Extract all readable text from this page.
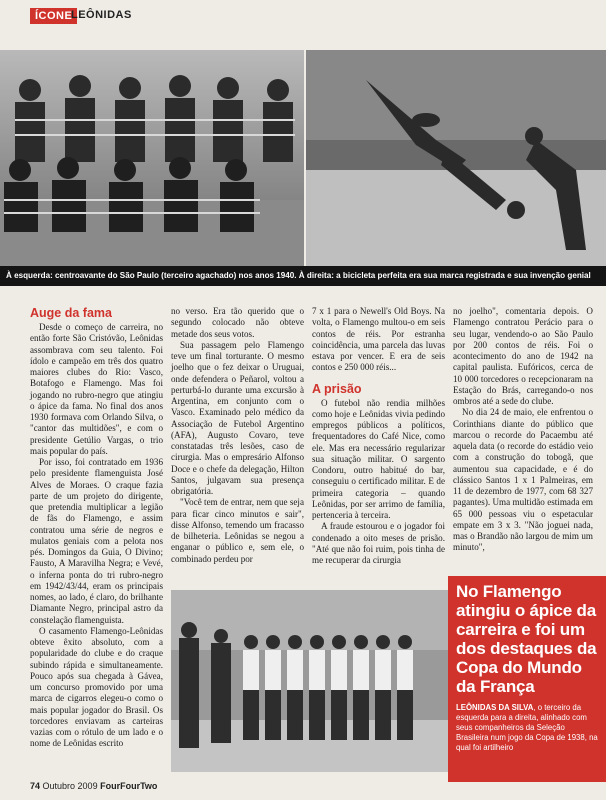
ÍCONE
LEÔNIDAS
À esquerda: centroavante do São Paulo (terceiro agachado) nos anos 1940. À direita: a bicicleta perfeita era sua marca registrada e sua invenção genial
Auge da fama

Desde o começo de carreira, no então forte São Cristóvão, Leônidas assombrava com seu talento. Foi ídolo e campeão em três dos quatro maiores clubes do Rio: Vasco, Botafogo e Flamengo. Mas foi jogando no rubro-negro que atingiu o ápice da fama. No final dos anos 1930 formava com Orlando Silva, o "cantor das multidões", e com o presidente Getúlio Vargas, o trio mais popular do país.

Por isso, foi contratado em 1936 pelo presidente flamenguista José Alves de Moraes. O craque fazia parte de um projeto do dirigente, que pretendia multiplicar a legião de fãs do Flamengo, e assim contratou uma série de negros e mulatos geniais com a pelota nos pés. Domingos da Guia, O Divino; Fausto, A Maravilha Negra; e Vevé, o inferna ponta do tri rubro-negro em 1942/43/44, eram os principais nomes, ao lado, é claro, do brilhante Diamante Negro, principal astro da constelação flamenguista.

O casamento Flamengo-Leônidas obteve êxito absoluto, com a popularidade do clube e do craque subindo rápida e simultaneamente. Pouco após sua chegada à Gávea, um concurso promovido por uma marca de cigarros elegeu-o como o mais popular jogador do Brasil. Os torcedores enviavam as carteiras vazias com o rótulo de um lado e o nome de Leônidas escrito

no verso. Era tão querido que o segundo colocado não obteve metade dos seus votos.

Sua passagem pelo Flamengo teve um final torturante. O mesmo joelho que o fez deixar o Uruguai, onde defendera o Peñarol, voltou a perturbá-lo durante uma excursão à Argentina, em conjunto com o Vasco. Examinado pelo médico da Associação de Futebol Argentino (AFA), Augusto Covaro, teve constatadas três lesões, caso de cirurgia. Mas o empresário Alfonso Doce e o chefe da delegação, Hilton Santos, julgavam sua presença obrigatória.

"Você tem de entrar, nem que seja para ficar cinco minutos e sair", disse Alfonso, temendo um fracasso de bilheteria. Leônidas se negou a enganar o público e, sem ele, o combinado perdeu por

7 x 1 para o Newell's Old Boys. Na volta, o Flamengo multou-o em seis contos de réis. Por estranha coincidência, uma parcela das luvas estava por vencer. E era de seis contos e 250 000 réis...

A prisão

O futebol não rendia milhões como hoje e Leônidas vivia pedindo empregos públicos a políticos, frequentadores do Café Nice, como ele. Mas era necessário regularizar sua situação militar. O sargento Condoru, outro habitué do bar, conseguiu o certificado militar. E de primeira categoria – quando Leônidas, por ser arrimo de família, pertenceria à terceira.

A fraude estourou e o jogador foi condenado a oito meses de prisão. "Até que não foi ruim, pois tinha de me recuperar da cirurgia

no joelho", comentaria depois. O Flamengo contratou Perácio para o seu lugar, vendendo-o ao São Paulo por 200 contos de réis. Foi o acontecimento do ano de 1942 na capital paulista. Eufóricos, cerca de 10 000 torcedores o recepcionaram na Estação do Brás, carregando-o nos ombros até a sede do clube.

No dia 24 de maio, ele enfrentou o Corinthians diante do público que marcou o recorde do Pacaembu até aquela data (o recorde do estádio veio com a construção do tobogã, que aumentou sua capacidade, e é do clássico Santos 1 x 1 Palmeiras, em 11 de dezembro de 1977, com 68 327 pagantes). Uma multidão estimada em 65 000 pessoas viu o espetacular empate em 3 x 3. "Não joguei nada, mas o Brandão não largou de mim um minuto",

No Flamengo atingiu o ápice da carreira e foi um dos destaques da Copa do Mundo da França
LEÔNIDAS DA SILVA, o terceiro da esquerda para a direita, alinhado com seus companheiros da Seleção Brasileira num jogo da Copa de 1938, na qual foi artilheiro
74 Outubro 2009 FourFourTwo
